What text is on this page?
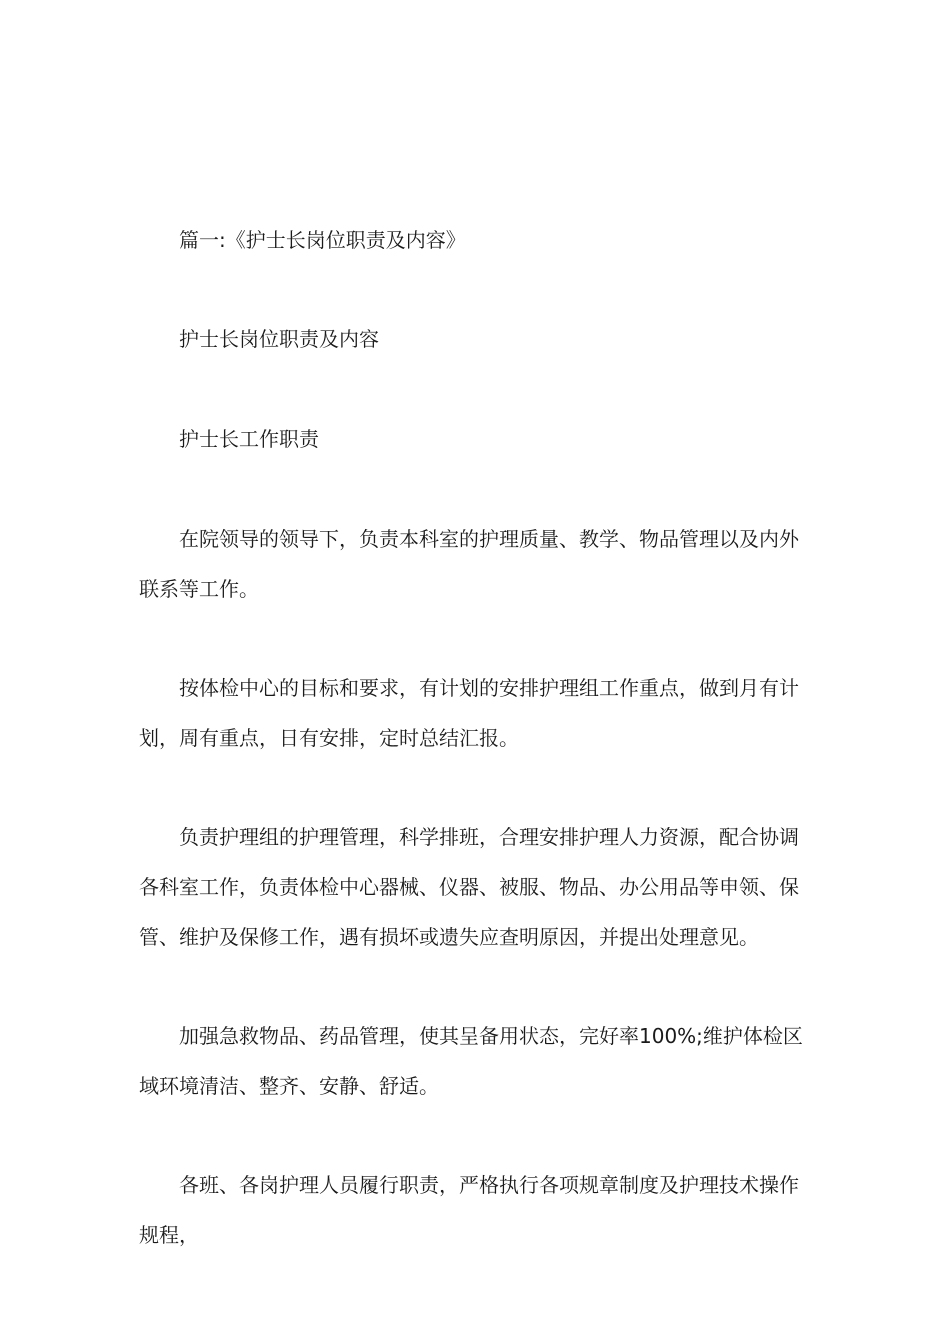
篇一:《护士长岗位职责及内容》

护士长岗位职责及内容

护士长工作职责

在院领导的领导下，负责本科室的护理质量、教学、物品管理以及内外联系等工作。

按体检中心的目标和要求，有计划的安排护理组工作重点，做到月有计划，周有重点，日有安排，定时总结汇报。

负责护理组的护理管理，科学排班，合理安排护理人力资源，配合协调各科室工作，负责体检中心器械、仪器、被服、物品、办公用品等申领、保管、维护及保修工作，遇有损坏或遗失应查明原因，并提出处理意见。

加强急救物品、药品管理，使其呈备用状态，完好率100%;维护体检区域环境清洁、整齐、安静、舒适。

各班、各岗护理人员履行职责，严格执行各项规章制度及护理技术操作规程，
